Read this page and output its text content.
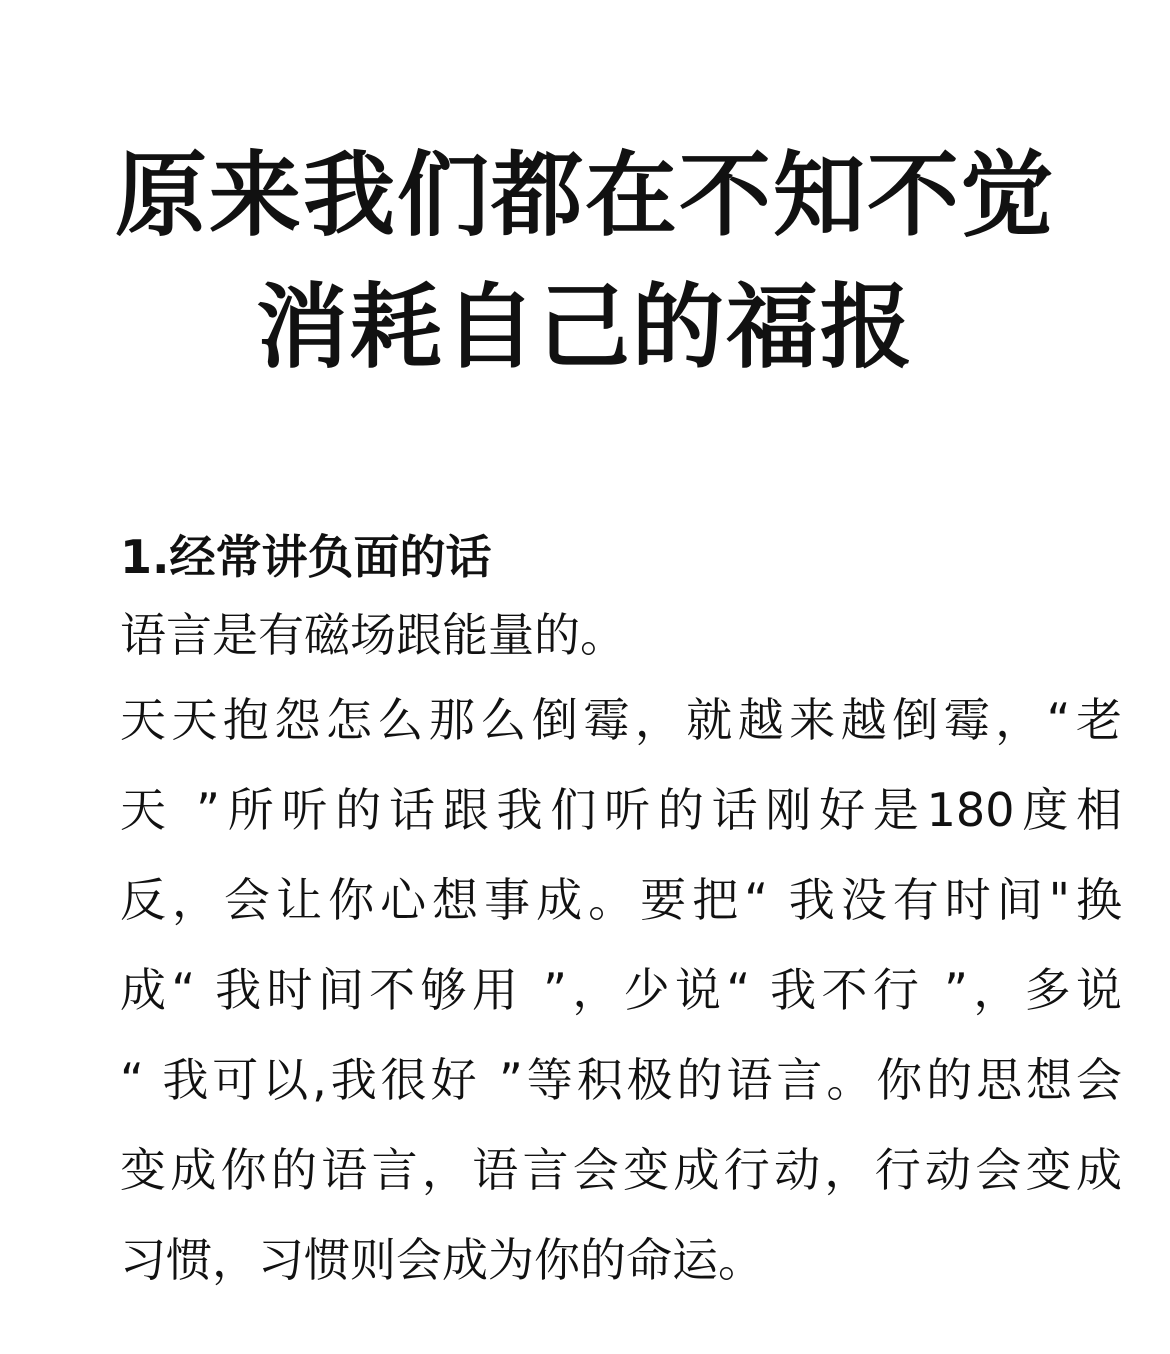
原来我们都在不知不觉
消耗自己的福报
1.经常讲负面的话

语言是有磁场跟能量的。

天天抱怨怎么那么倒霉，就越来越倒霉，“老
天 ”所听的话跟我们听的话刚好是180度相
反，会让你心想事成。要把“ 我没有时间"换
成“ 我时间不够用 ”，少说“ 我不行 ”，多说
“ 我可以,我很好 ”等积极的语言。你的思想会
变成你的语言，语言会变成行动，行动会变成
习惯，习惯则会成为你的命运。
